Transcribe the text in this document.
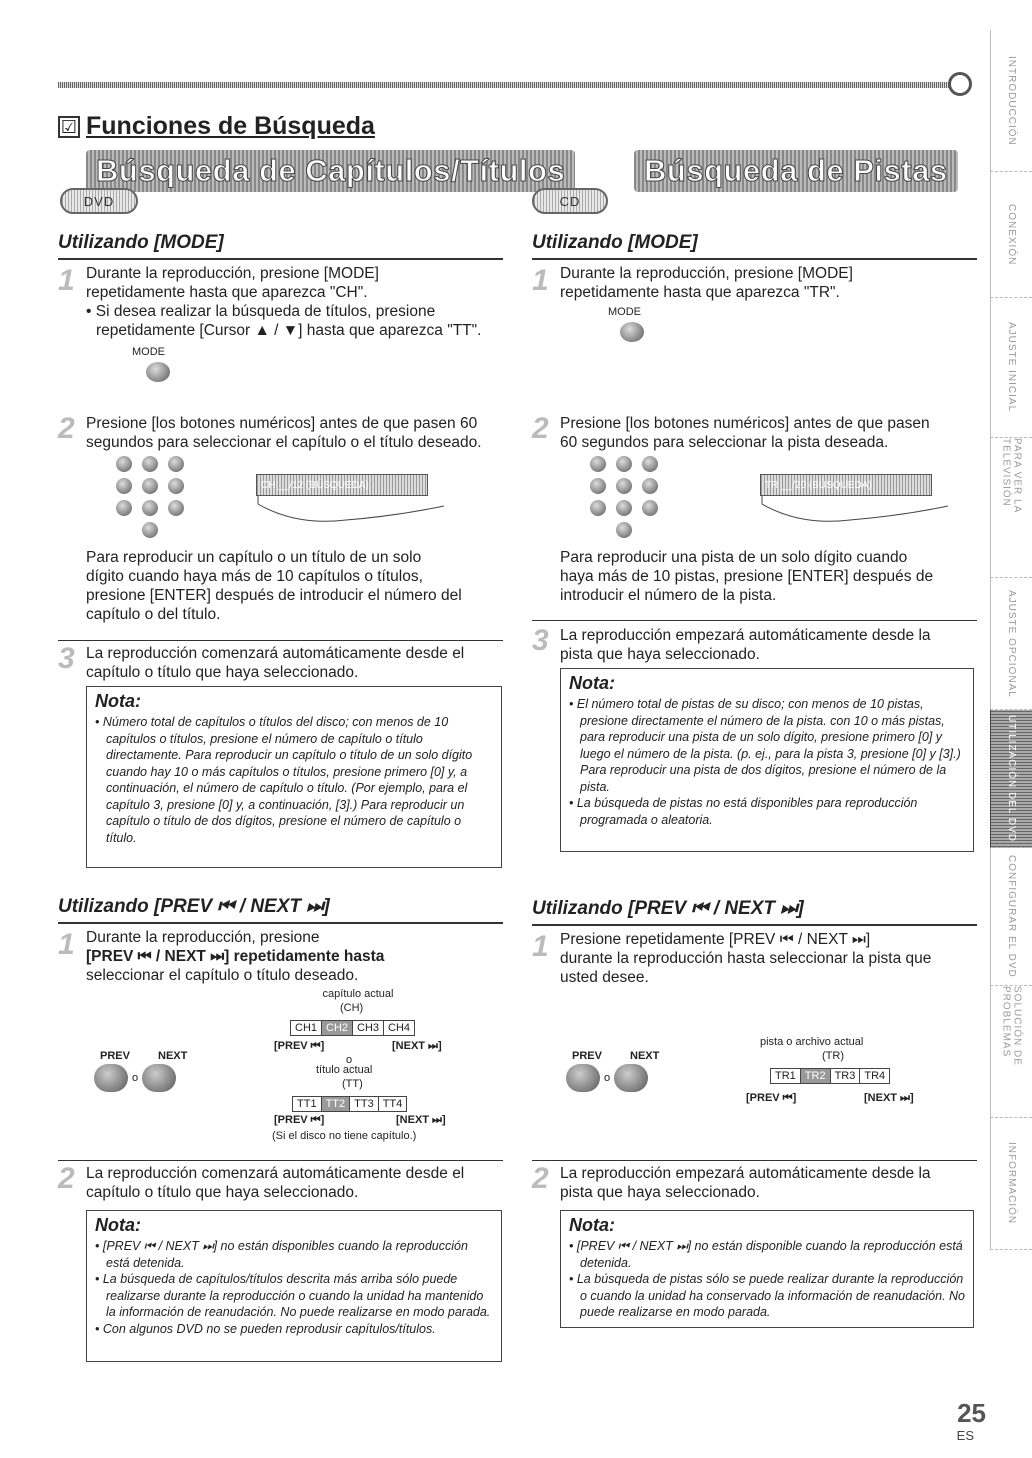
☑ Funciones de Búsqueda
Búsqueda de Capítulos/Títulos
DVD
Utilizando [MODE]
1 Durante la reproducción, presione [MODE]
repetidamente hasta que aparezca "CH".
• Si desea realizar la búsqueda de títulos, presione
repetidamente [Cursor ▲ / ▼] hasta que aparezca "TT".
MODE
2 Presione [los botones numéricos] antes de que pasen 60
segundos para seleccionar el capítulo o el título deseado.
CH __/12 (BÚSQUEDA)
Para reproducir un capítulo o un título de un solo
dígito cuando haya más de 10 capítulos o títulos,
presione [ENTER] después de introducir el número del
capítulo o del título.
3 La reproducción comenzará automáticamente desde el
capítulo o título que haya seleccionado.
Nota:
• Número total de capítulos o títulos del disco; con menos de 10 capítulos o títulos, presione el número de capítulo o título directamente. Para reproducir un capítulo o título de un solo dígito cuando hay 10 o más capítulos o títulos, presione primero [0] y, a continuación, el número de capítulo o título. (Por ejemplo, para el capítulo 3, presione [0] y, a continuación, [3].) Para reproducir un capítulo o título de dos dígitos, presione el número de capítulo o título.
Utilizando [PREV ⏮ / NEXT ⏭]
1 Durante la reproducción, presione
[PREV ⏮ / NEXT ⏭] repetidamente hasta
seleccionar el capítulo o título deseado.
capítulo actual
(CH)
CH1 CH2 CH3 CH4
[PREV ⏮]	[NEXT ⏭]
o
título actual
(TT)
TT1 TT2 TT3 TT4
[PREV ⏮]	[NEXT ⏭]
(Si el disco no tiene capítulo.)
PREV	NEXT
o
2 La reproducción comenzará automáticamente desde el
capítulo o título que haya seleccionado.
Nota:
• [PREV ⏮ / NEXT ⏭] no están disponibles cuando la reproducción está detenida.
• La búsqueda de capítulos/títulos descrita más arriba sólo puede realizarse durante la reproducción o cuando la unidad ha mantenido la información de reanudación. No puede realizarse en modo parada.
• Con algunos DVD no se pueden reprodusir capítulos/títulos.
Búsqueda de Pistas
CD
Utilizando [MODE]
1 Durante la reproducción, presione [MODE]
repetidamente hasta que aparezca "TR".
MODE
2 Presione [los botones numéricos] antes de que pasen
60 segundos para seleccionar la pista deseada.
TR __/20 (BÚSQUEDA)
Para reproducir una pista de un solo dígito cuando
haya más de 10 pistas, presione [ENTER] después de
introducir el número de la pista.
3 La reproducción empezará automáticamente desde la
pista que haya seleccionado.
Nota:
• El número total de pistas de su disco; con menos de 10 pistas, presione directamente el número de la pista. con 10 o más pistas, para reproducir una pista de un solo dígito, presione primero [0] y luego el número de la pista. (p. ej., para la pista 3, presione [0] y [3].) Para reproducir una pista de dos dígitos, presione el número de la pista.
• La búsqueda de pistas no está disponibles para reproducción programada o aleatoria.
Utilizando [PREV ⏮ / NEXT ⏭]
1 Presione repetidamente [PREV ⏮ / NEXT ⏭]
durante la reproducción hasta seleccionar la pista que
usted desee.
pista o archivo actual
(TR)
TR1 TR2 TR3 TR4
[PREV ⏮]	[NEXT ⏭]
PREV	NEXT
o
2 La reproducción empezará automáticamente desde la
pista que haya seleccionado.
Nota:
• [PREV ⏮ / NEXT ⏭] no están disponible cuando la reproducción está detenida.
• La búsqueda de pistas sólo se puede realizar durante la reproducción o cuando la unidad ha conservado la información de reanudación. No puede realizarse en modo parada.
INTRODUCCIÓN
CONEXIÓN
AJUSTE INICIAL
PARA VER LA TELEVISIÓN
AJUSTE OPCIONAL
UTILIZACIÓN DEL DVD
CONFIGURAR EL DVD
SOLUCIÓN DE PROBLEMAS
INFORMACIÓN
25
ES
